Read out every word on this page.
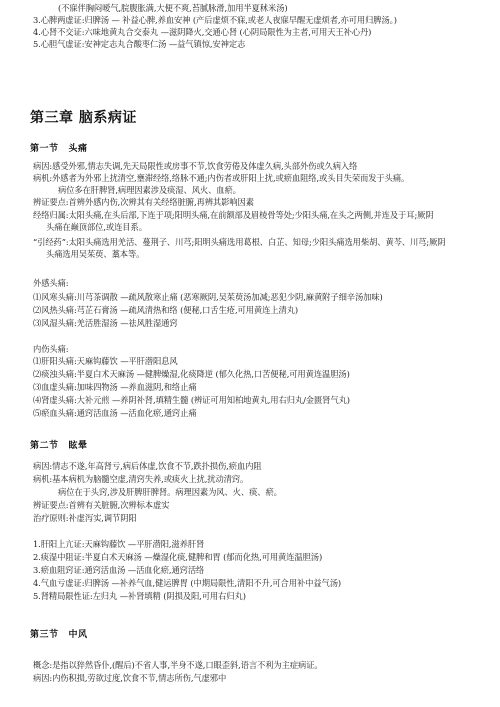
(不寐伴胸闷嗳气,脘腹胀满,大便不爽,苔腻脉滑,加用半夏秫米汤)
3.心脾两虚证:归脾汤 — 补益心脾,养血安神 (产后虚烦不寐,或老人夜寐早醒无虚烦者,亦可用归脾汤。)
4.心肾不交证:六味地黄丸合交泰丸 —滋阴降火,交通心肾 (心阴局限性为主者,可用天王补心丹)
5.心胆气虚证:安神定志丸合酸枣仁汤 —益气镇惊,安神定志
第三章 脑系病证
第一节 头痛
病因:感受外邪,情志失调,先天局限性或房事不节,饮食劳倦及体虚久病,头部外伤或久病入络
病机:外感者为外邪上扰清空,壅滞经络,络脉不通;内伤者或肝阳上扰,或瘀血阻络,或头目失荣而发于头痛。
病位多在肝脾肾,病理因素涉及痰湿、风火、血瘀。
辨证要点:首辨外感内伤,次辨其有关经络脏腑,再辨其影响因素
经络归属:太阳头痛,在头后部,下连于项;阳明头痛,在前额部及眉棱骨等处;少阳头痛,在头之两侧,并连及于耳;厥阴
头痛在巅顶部位,或连目系。
“引经药”:太阳头痛选用羌活、蔓荆子、川芎;阳明头痛选用葛根、白芷、知母;少阳头痛选用柴胡、黄芩、川芎;厥阴
头痛选用吴茱萸、藁本等。
外感头痛:
⑴风寒头痛:川芎茶调散 —疏风散寒止痛 (恶寒厥阴,吴茱萸汤加减;恶犯少阴,麻黄附子细辛汤加味)
⑵风热头痛:芎芷石膏汤 —疏风清热和络 (便秘,口舌生疮,可用黄连上清丸)
⑶风湿头痛:羌活胜湿汤 —祛风胜湿通窍
内伤头痛:
⑴肝阳头痛:天麻钩藤饮 —平肝潜阳息风
⑵痰浊头痛:半夏白术天麻汤 —健脾燥湿,化痰降逆 (郁久化热,口苦便秘,可用黄连温胆汤)
⑶血虚头痛:加味四物汤 —养血滋阴,和络止痛
⑷肾虚头痛:大补元煎 —养阴补肾,填精生髓 (辨证可用知柏地黄丸,用右归丸/金匮肾气丸)
⑸瘀血头痛:通窍活血汤 —活血化瘀,通窍止痛
第二节 眩晕
病因:情志不遂,年高肾亏,病后体虚,饮食不节,跌扑损伤,瘀血内阻
病机:基本病机为脑髓空虚,清窍失养,或痰火上扰,扰动清窍。
病位在于头窍,涉及肝脾肝脾肾。病理因素为风、火、痰、瘀。
辨证要点:首辨有关脏腑,次辨标本虚实
治疗原则:补虚泻实,调节阴阳
1.肝阳上亢证:天麻钩藤饮 —平肝潜阳,滋养肝肾
2.痰湿中阻证:半夏白术天麻汤 —燥湿化痰,健脾和胃 (郁而化热,可用黄连温胆汤)
3.瘀血阻窍证:通窍活血汤 —活血化瘀,通窍活络
4.气血亏虚证:归脾汤 —补养气血,健运脾胃 (中期局限性,清阳不升,可合用补中益气汤)
5.肾精局限性证:左归丸 —补肾填精 (阴损及阳,可用右归丸)
第三节 中风
概念:是指以猝然昏仆,(醒后)不省人事,半身不遂,口眼歪斜,语言不利为主症病证。
病因:内伤积损,劳欲过度,饮食不节,情志所伤,气虚邪中
